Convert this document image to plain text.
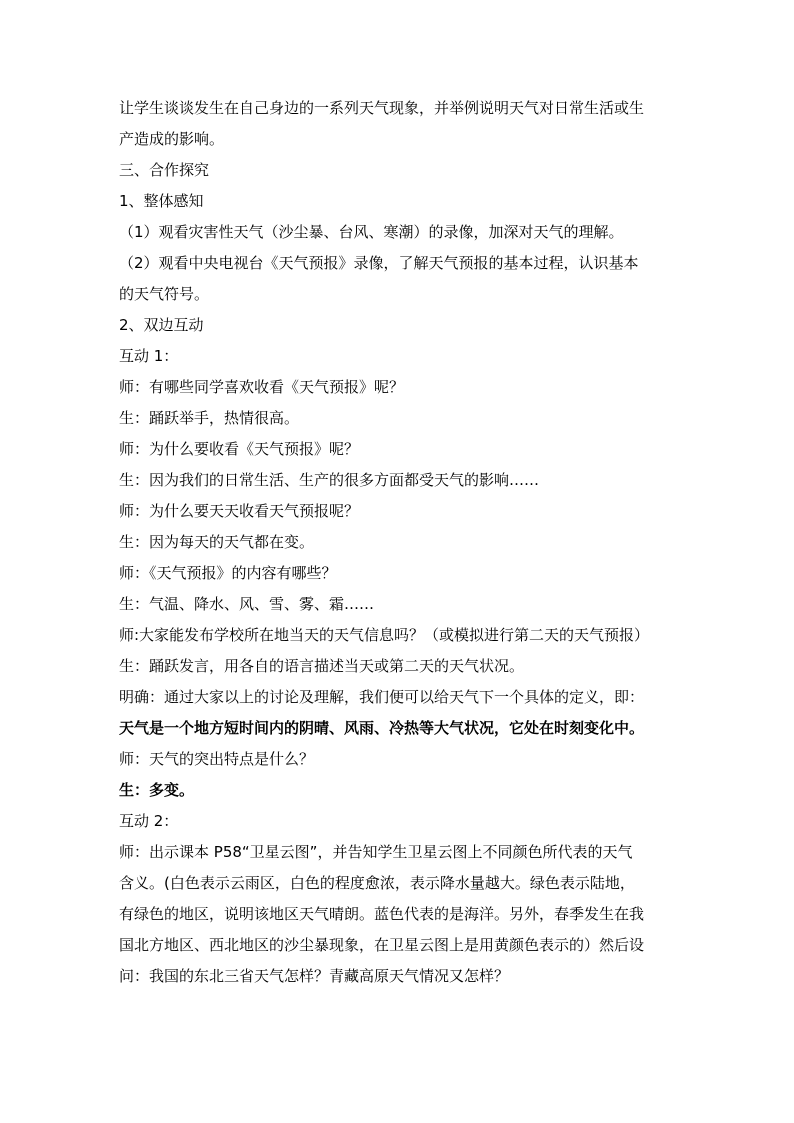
让学生谈谈发生在自己身边的一系列天气现象，并举例说明天气对日常生活或生
产造成的影响。
三、合作探究
1、整体感知
（1）观看灾害性天气（沙尘暴、台风、寒潮）的录像，加深对天气的理解。
（2）观看中央电视台《天气预报》录像，了解天气预报的基本过程，认识基本
的天气符号。
2、双边互动
互动 1：
师：有哪些同学喜欢收看《天气预报》呢？
生：踊跃举手，热情很高。
师：为什么要收看《天气预报》呢？
生：因为我们的日常生活、生产的很多方面都受天气的影响……
师：为什么要天天收看天气预报呢？
生：因为每天的天气都在变。
师：《天气预报》的内容有哪些？
生：气温、降水、风、雪、雾、霜……
师:大家能发布学校所在地当天的天气信息吗？（或模拟进行第二天的天气预报）
生：踊跃发言，用各自的语言描述当天或第二天的天气状况。
明确：通过大家以上的讨论及理解，我们便可以给天气下一个具体的定义，即：
天气是一个地方短时间内的阴晴、风雨、冷热等大气状况，它处在时刻变化中。
师：天气的突出特点是什么？
生：多变。
互动 2：
师：出示课本 P58“卫星云图”，并告知学生卫星云图上不同颜色所代表的天气
含义。(白色表示云雨区，白色的程度愈浓，表示降水量越大。绿色表示陆地，
有绿色的地区，说明该地区天气晴朗。蓝色代表的是海洋。另外，春季发生在我
国北方地区、西北地区的沙尘暴现象，在卫星云图上是用黄颜色表示的）然后设
问：我国的东北三省天气怎样？青藏高原天气情况又怎样？
